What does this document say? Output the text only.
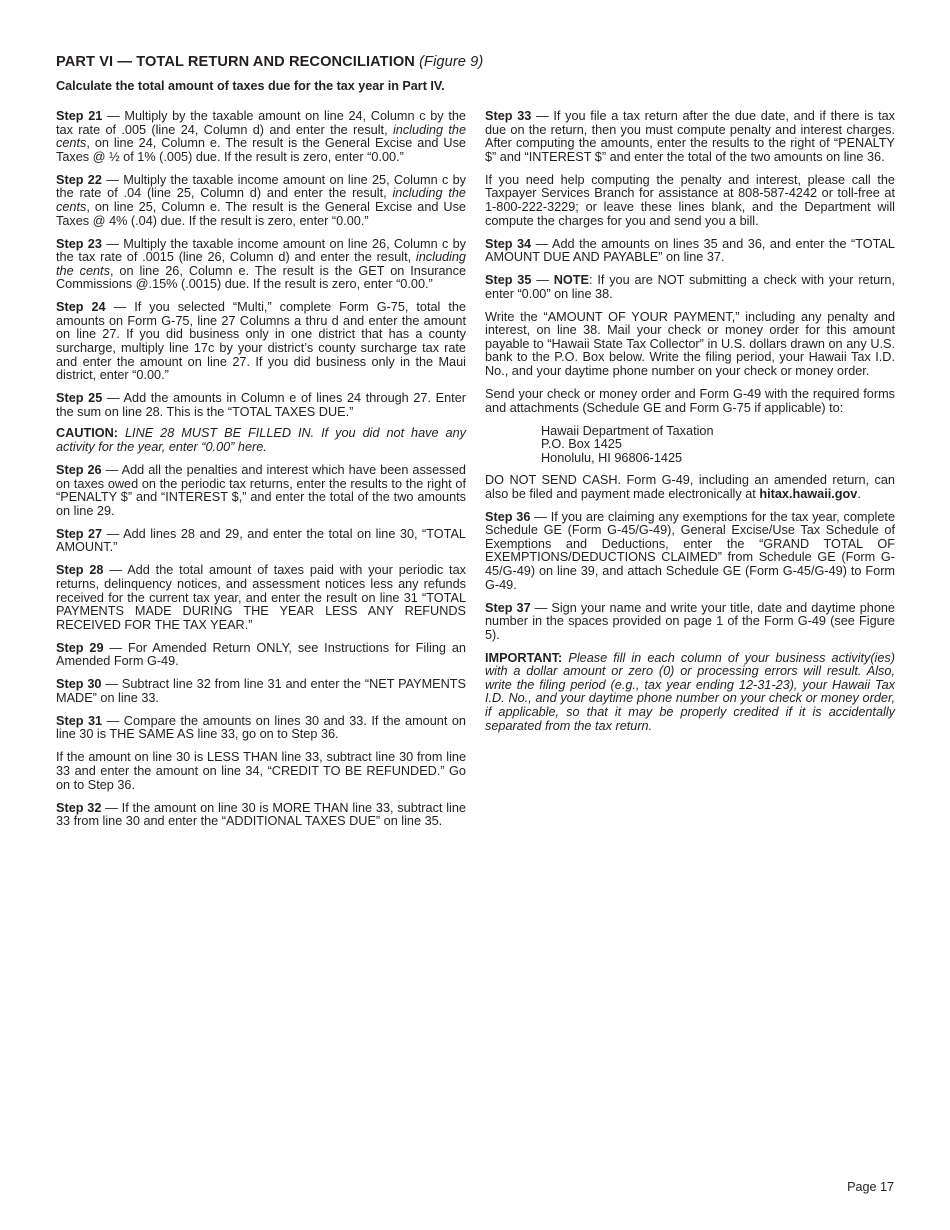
PART VI — TOTAL RETURN AND RECONCILIATION (Figure 9)

Calculate the total amount of taxes due for the tax year in Part IV.

Step 21 — Multiply by the taxable amount on line 24, Column c by the tax rate of .005 (line 24, Column d) and enter the result, including the cents, on line 24, Column e. The result is the General Excise and Use Taxes @ ½ of 1% (.005) due. If the result is zero, enter “0.00.”

Step 22 — Multiply the taxable income amount on line 25, Column c by the rate of .04 (line 25, Column d) and enter the result, including the cents, on line 25, Column e. The result is the General Excise and Use Taxes @ 4% (.04) due. If the result is zero, enter “0.00.”

Step 23 — Multiply the taxable income amount on line 26, Column c by the tax rate of .0015 (line 26, Column d) and enter the result, including the cents, on line 26, Column e. The result is the GET on Insurance Commissions @.15% (.0015) due. If the result is zero, enter “0.00.”

Step 24 — If you selected “Multi,” complete Form G-75, total the amounts on Form G-75, line 27 Columns a thru d and enter the amount on line 27. If you did business only in one district that has a county surcharge, multiply line 17c by your district’s county surcharge tax rate and enter the amount on line 27. If you did business only in the Maui district, enter “0.00.”

Step 25 — Add the amounts in Column e of lines 24 through 27. Enter the sum on line 28. This is the “TOTAL TAXES DUE.”

CAUTION: LINE 28 MUST BE FILLED IN. If you did not have any activity for the year, enter “0.00” here.

Step 26 — Add all the penalties and interest which have been assessed on taxes owed on the periodic tax returns, enter the results to the right of “PENALTY $” and “INTEREST $,” and enter the total of the two amounts on line 29.

Step 27 — Add lines 28 and 29, and enter the total on line 30, “TOTAL AMOUNT.”

Step 28 — Add the total amount of taxes paid with your periodic tax returns, delinquency notices, and assessment notices less any refunds received for the current tax year, and enter the result on line 31 “TOTAL PAYMENTS MADE DURING THE YEAR LESS ANY REFUNDS RECEIVED FOR THE TAX YEAR.”

Step 29 — For Amended Return ONLY, see Instructions for Filing an Amended Form G-49.

Step 30 — Subtract line 32 from line 31 and enter the “NET PAYMENTS MADE” on line 33.

Step 31 — Compare the amounts on lines 30 and 33. If the amount on line 30 is THE SAME AS line 33, go on to Step 36.

If the amount on line 30 is LESS THAN line 33, subtract line 30 from line 33 and enter the amount on line 34, “CREDIT TO BE REFUNDED.” Go on to Step 36.

Step 32 — If the amount on line 30 is MORE THAN line 33, subtract line 33 from line 30 and enter the “ADDITIONAL TAXES DUE” on line 35.

Step 33 — If you file a tax return after the due date, and if there is tax due on the return, then you must compute penalty and interest charges. After computing the amounts, enter the results to the right of “PENALTY $” and “INTEREST $” and enter the total of the two amounts on line 36.

If you need help computing the penalty and interest, please call the Taxpayer Services Branch for assistance at 808-587-4242 or toll-free at 1-800-222-3229; or leave these lines blank, and the Department will compute the charges for you and send you a bill.

Step 34 — Add the amounts on lines 35 and 36, and enter the “TOTAL AMOUNT DUE AND PAYABLE” on line 37.

Step 35 — NOTE: If you are NOT submitting a check with your return, enter “0.00” on line 38.

Write the “AMOUNT OF YOUR PAYMENT,” including any penalty and interest, on line 38. Mail your check or money order for this amount payable to “Hawaii State Tax Collector” in U.S. dollars drawn on any U.S. bank to the P.O. Box below. Write the filing period, your Hawaii Tax I.D. No., and your daytime phone number on your check or money order.

Send your check or money order and Form G-49 with the required forms and attachments (Schedule GE and Form G-75 if applicable) to:

Hawaii Department of Taxation
P.O. Box 1425
Honolulu, HI 96806-1425

DO NOT SEND CASH. Form G-49, including an amended return, can also be filed and payment made electronically at hitax.hawaii.gov.

Step 36 — If you are claiming any exemptions for the tax year, complete Schedule GE (Form G-45/G-49), General Excise/Use Tax Schedule of Exemptions and Deductions, enter the “GRAND TOTAL OF EXEMPTIONS/DEDUCTIONS CLAIMED” from Schedule GE (Form G-45/G-49) on line 39, and attach Schedule GE (Form G-45/G-49) to Form G-49.

Step 37 — Sign your name and write your title, date and daytime phone number in the spaces provided on page 1 of the Form G-49 (see Figure 5).

IMPORTANT: Please fill in each column of your business activity(ies) with a dollar amount or zero (0) or processing errors will result. Also, write the filing period (e.g., tax year ending 12-31-23), your Hawaii Tax I.D. No., and your daytime phone number on your check or money order, if applicable, so that it may be properly credited if it is accidentally separated from the tax return.

Page 17
